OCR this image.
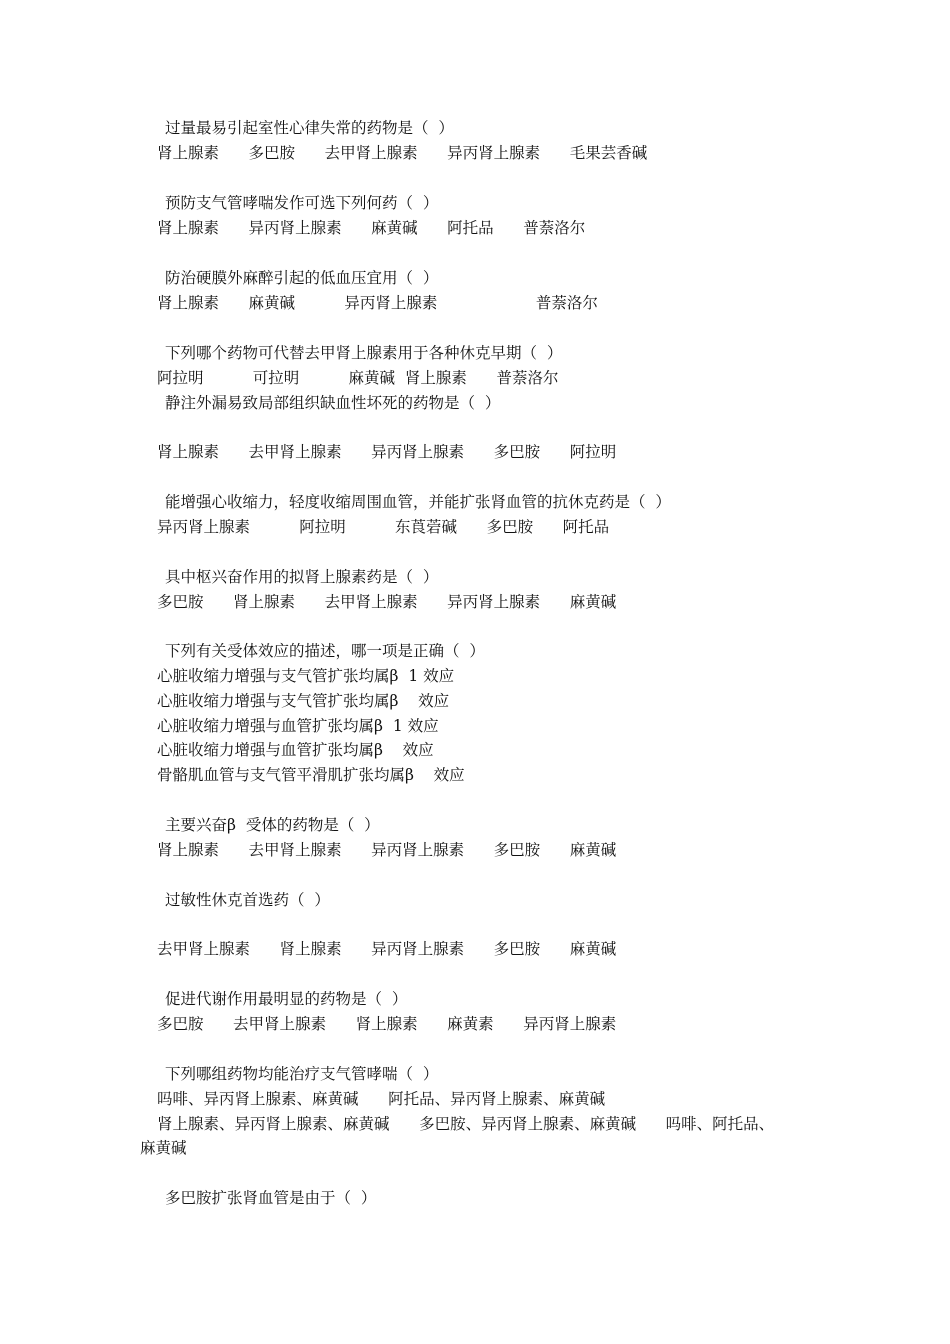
过量最易引起室性心律失常的药物是（  ）
肾上腺素      多巴胺      去甲肾上腺素      异丙肾上腺素      毛果芸香碱
预防支气管哮喘发作可选下列何药（  ）
肾上腺素      异丙肾上腺素      麻黄碱      阿托品      普萘洛尔
防治硬膜外麻醉引起的低血压宜用（  ）
肾上腺素      麻黄碱          异丙肾上腺素                    普萘洛尔
下列哪个药物可代替去甲肾上腺素用于各种休克早期（  ）
阿拉明          可拉明          麻黄碱  肾上腺素      普萘洛尔
静注外漏易致局部组织缺血性坏死的药物是（  ）
肾上腺素      去甲肾上腺素      异丙肾上腺素      多巴胺      阿拉明
能增强心收缩力，轻度收缩周围血管，并能扩张肾血管的抗休克药是（  ）
异丙肾上腺素          阿拉明          东莨菪碱      多巴胺      阿托品
具中枢兴奋作用的拟肾上腺素药是（  ）
多巴胺      肾上腺素      去甲肾上腺素      异丙肾上腺素      麻黄碱
下列有关受体效应的描述，哪一项是正确（  ）
心脏收缩力增强与支气管扩张均属β  1 效应
心脏收缩力增强与支气管扩张均属β    效应
心脏收缩力增强与血管扩张均属β  1 效应
心脏收缩力增强与血管扩张均属β    效应
骨骼肌血管与支气管平滑肌扩张均属β    效应
主要兴奋β  受体的药物是（  ）
肾上腺素      去甲肾上腺素      异丙肾上腺素      多巴胺      麻黄碱
过敏性休克首选药（  ）
去甲肾上腺素      肾上腺素      异丙肾上腺素      多巴胺      麻黄碱
促进代谢作用最明显的药物是（  ）
多巴胺      去甲肾上腺素      肾上腺素      麻黄素      异丙肾上腺素
下列哪组药物均能治疗支气管哮喘（  ）
吗啡、异丙肾上腺素、麻黄碱      阿托品、异丙肾上腺素、麻黄碱
肾上腺素、异丙肾上腺素、麻黄碱      多巴胺、异丙肾上腺素、麻黄碱      吗啡、阿托品、
麻黄碱
多巴胺扩张肾血管是由于（  ）
